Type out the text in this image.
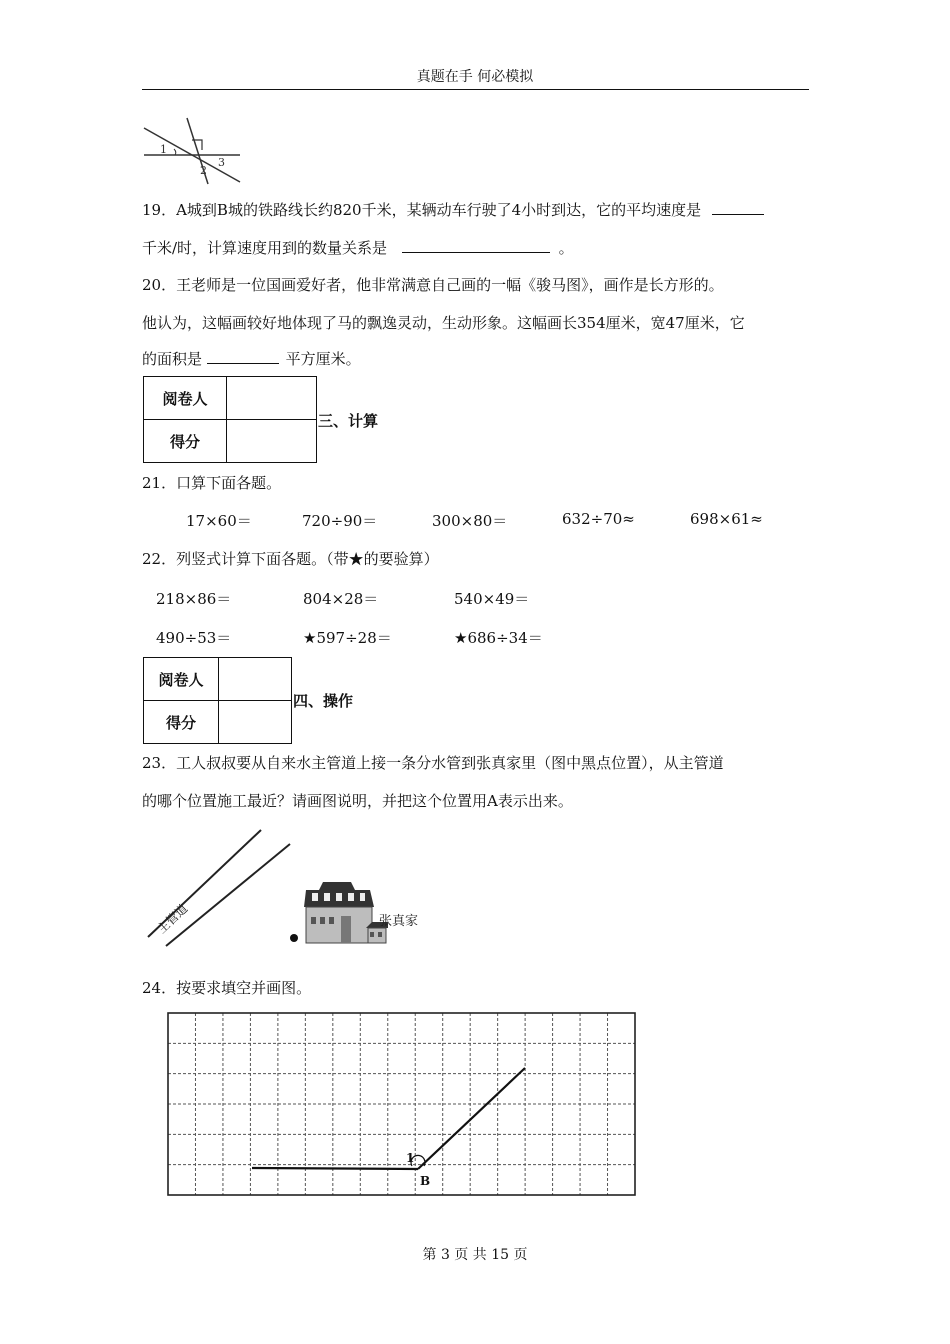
真题在手 何必模拟
1
2
3
19．A城到B城的铁路线长约820千米，某辆动车行驶了4小时到达，它的平均速度是
千米/时，计算速度用到的数量关系是	。
20．王老师是一位国画爱好者，他非常满意自己画的一幅《骏马图》，画作是长方形的。
他认为，这幅画较好地体现了马的飘逸灵动，生动形象。这幅画长354厘米，宽47厘米，它
的面积是	平方厘米。
阅卷人	
得分	
三、计算
21．口算下面各题。
17×60＝	720÷90＝	300×80＝	632÷70≈	698×61≈
22．列竖式计算下面各题。（带★的要验算）
218×86＝	804×28＝	540×49＝
490÷53＝	★597÷28＝	★686÷34＝
阅卷人	
得分	
四、操作
23．工人叔叔要从自来水主管道上接一条分水管到张真家里（图中黑点位置），从主管道
的哪个位置施工最近？请画图说明，并把这个位置用A表示出来。
主管道	张真家
24．按要求填空并画图。
1
B
第 3 页 共 15 页
